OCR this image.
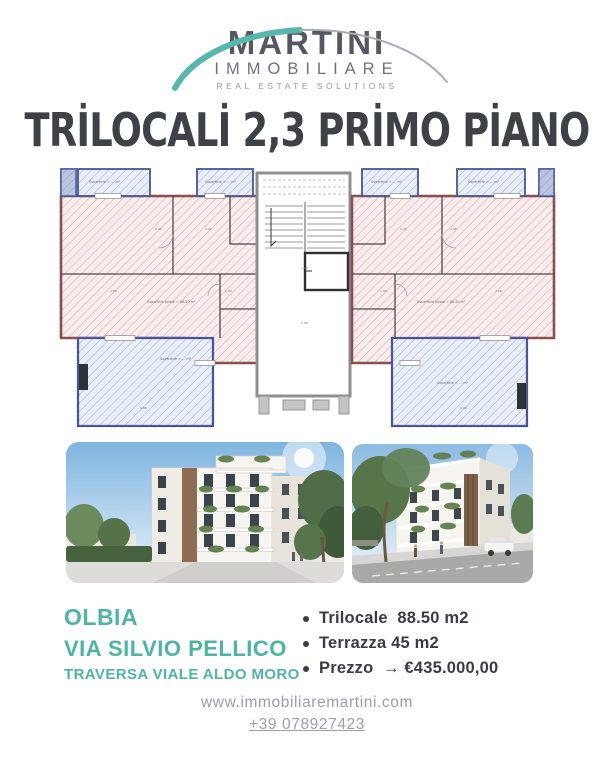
MARTINI
IMMOBILIARE
REAL ESTATE SOLUTIONS
TRİLOCALİ 2,3 PRİMO PİANO
Superficie = … m²	Superficie = … m²	Superficie = … m²	Superficie = … m²
Superficie totale = 88.50 m²	Superficie totale = 88.50 m²
Superficie = … m²
Superficie = … m²
3.45	1.45
4.06	1.90
4.96
3.45
1.45
4.06
1.90
4.96
1.20
2.68
OLBIA
VIA SILVIO PELLICO
TRAVERSA VIALE ALDO MORO
Trilocale  88.50 m2
Terrazza 45 m2
Prezzo  → €435.000,00
www.immobiliaremartini.com
+39 078927423
